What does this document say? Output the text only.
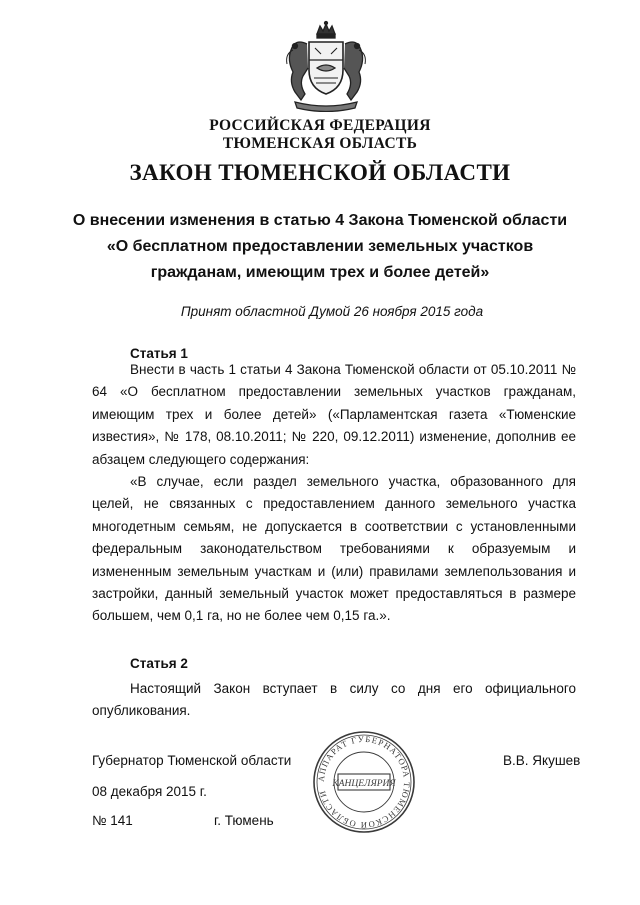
РОССИЙСКАЯ ФЕДЕРАЦИЯ
ТЮМЕНСКАЯ ОБЛАСТЬ
ЗАКОН ТЮМЕНСКОЙ ОБЛАСТИ
О внесении изменения в статью 4 Закона Тюменской области
«О бесплатном предоставлении земельных участков
гражданам, имеющим трех и более детей»
Принят областной Думой 26 ноября 2015 года
Статья 1
Внести в часть 1 статьи 4 Закона Тюменской области от 05.10.2011 № 64 «О бесплатном предоставлении земельных участков гражданам, имеющим трех и более детей» («Парламентская газета «Тюменские известия», № 178, 08.10.2011; № 220, 09.12.2011) изменение, дополнив ее абзацем следующего содержания:
«В случае, если раздел земельного участка, образованного для целей, не связанных с предоставлением данного земельного участка многодетным семьям, не допускается в соответствии с установленными федеральным законодательством требованиями к образуемым и измененным земельным участкам и (или) правилами землепользования и застройки, данный земельный участок может предоставляться в размере большем, чем 0,1 га, но не более чем 0,15 га.».
Статья 2
Настоящий Закон вступает в силу со дня его официального опубликования.
Губернатор Тюменской области	В.В. Якушев
08 декабря 2015 г.
№ 141	г. Тюмень
АППАРАТ ГУБЕРНАТОРА ТЮМЕНСКОЙ ОБЛАСТИ
КАНЦЕЛЯРИЯ
